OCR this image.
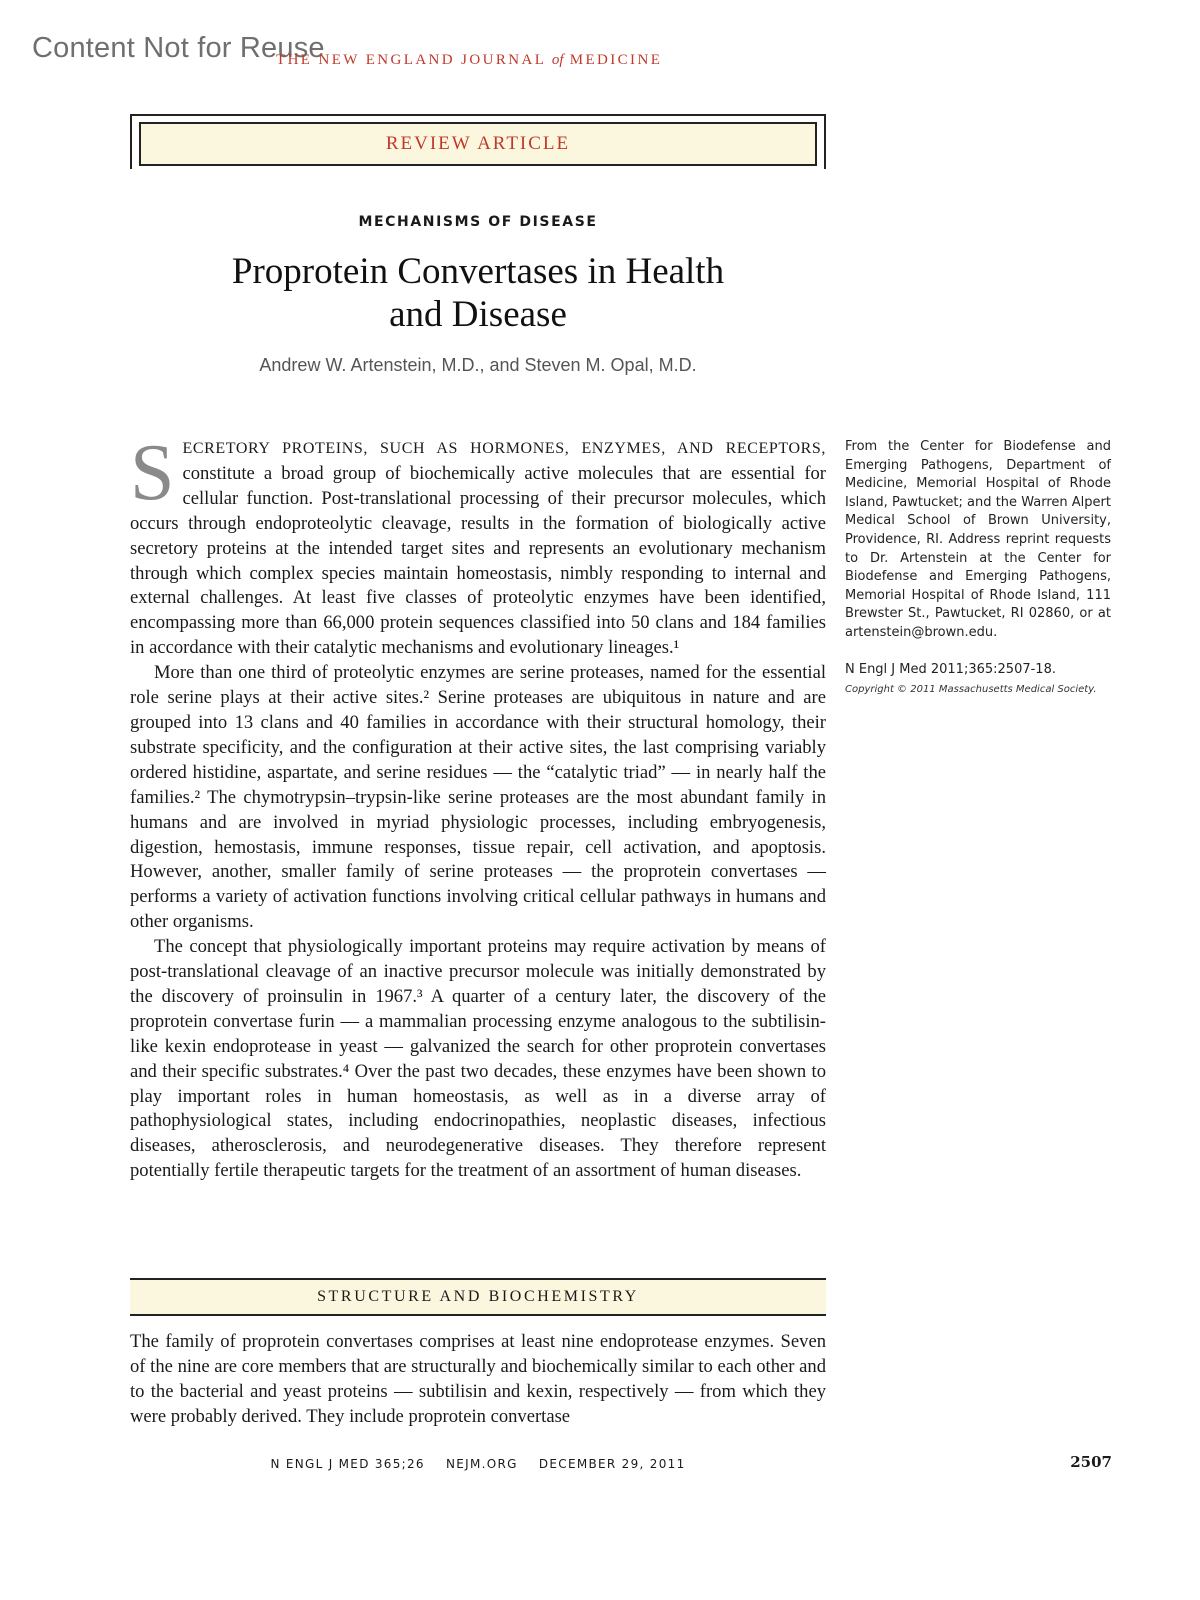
Content Not for Reuse
THE NEW ENGLAND JOURNAL of MEDICINE
REVIEW ARTICLE
MECHANISMS OF DISEASE
Proprotein Convertases in Health
and Disease
Andrew W. Artenstein, M.D., and Steven M. Opal, M.D.

SECRETORY PROTEINS, SUCH AS HORMONES, ENZYMES, AND RECEPTORS, constitute a broad group of biochemically active molecules that are essential for cellular function. Post-translational processing of their precursor molecules, which occurs through endoproteolytic cleavage, results in the formation of biologically active secretory proteins at the intended target sites and represents an evolutionary mechanism through which complex species maintain homeostasis, nimbly responding to internal and external challenges. At least five classes of proteolytic enzymes have been identified, encompassing more than 66,000 protein sequences classified into 50 clans and 184 families in accordance with their catalytic mechanisms and evolutionary lineages.¹

More than one third of proteolytic enzymes are serine proteases, named for the essential role serine plays at their active sites.² Serine proteases are ubiquitous in nature and are grouped into 13 clans and 40 families in accordance with their structural homology, their substrate specificity, and the configuration at their active sites, the last comprising variably ordered histidine, aspartate, and serine residues — the “catalytic triad” — in nearly half the families.² The chymotrypsin–trypsin-like serine proteases are the most abundant family in humans and are involved in myriad physiologic processes, including embryogenesis, digestion, hemostasis, immune responses, tissue repair, cell activation, and apoptosis. However, another, smaller family of serine proteases — the proprotein convertases — performs a variety of activation functions involving critical cellular pathways in humans and other organisms.

The concept that physiologically important proteins may require activation by means of post-translational cleavage of an inactive precursor molecule was initially demonstrated by the discovery of proinsulin in 1967.³ A quarter of a century later, the discovery of the proprotein convertase furin — a mammalian processing enzyme analogous to the subtilisin-like kexin endoprotease in yeast — galvanized the search for other proprotein convertases and their specific substrates.⁴ Over the past two decades, these enzymes have been shown to play important roles in human homeostasis, as well as in a diverse array of pathophysiological states, including endocrinopathies, neoplastic diseases, infectious diseases, atherosclerosis, and neurodegenerative diseases. They therefore represent potentially fertile therapeutic targets for the treatment of an assortment of human diseases.

From the Center for Biodefense and Emerging Pathogens, Department of Medicine, Memorial Hospital of Rhode Island, Pawtucket; and the Warren Alpert Medical School of Brown University, Providence, RI. Address reprint requests to Dr. Artenstein at the Center for Biodefense and Emerging Pathogens, Memorial Hospital of Rhode Island, 111 Brewster St., Pawtucket, RI 02860, or at artenstein@brown.edu.
N Engl J Med 2011;365:2507-18.
Copyright © 2011 Massachusetts Medical Society.
STRUCTURE AND BIOCHEMISTRY

The family of proprotein convertases comprises at least nine endoprotease enzymes. Seven of the nine are core members that are structurally and biochemically similar to each other and to the bacterial and yeast proteins — subtilisin and kexin, respectively — from which they were probably derived. They include proprotein convertase

N ENGL J MED 365;26 NEJM.ORG DECEMBER 29, 2011	2507
